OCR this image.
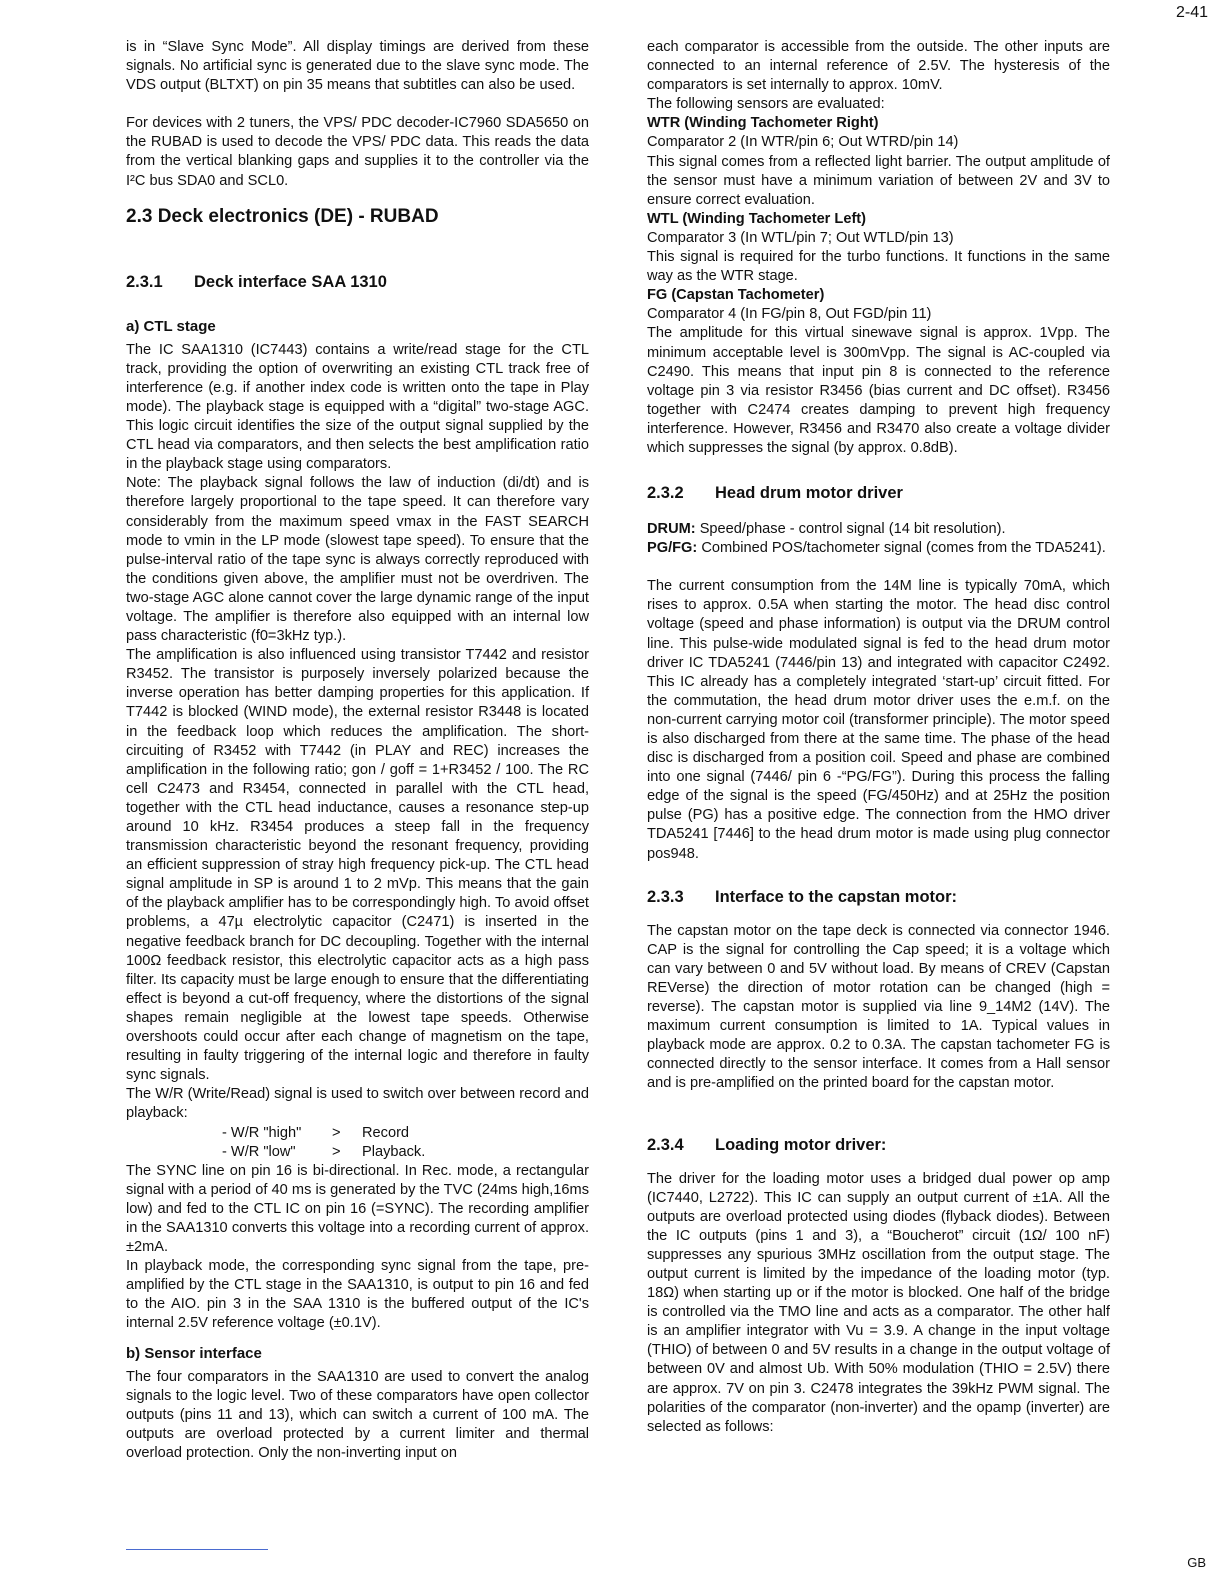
2-41

is in “Slave Sync Mode”. All display timings are derived from these signals. No artificial sync is generated due to the slave sync mode. The VDS output (BLTXT) on pin 35 means that subtitles can also be used.

For devices with 2 tuners, the VPS/ PDC decoder-IC7960 SDA5650 on the RUBAD is used to decode the VPS/ PDC data. This reads the data from the vertical blanking gaps and supplies it to the controller via the I²C bus SDA0 and SCL0.

2.3 Deck electronics (DE) - RUBAD
2.3.1 Deck interface SAA 1310
a) CTL stage

The IC SAA1310 (IC7443) contains a write/read stage for the CTL track, providing the option of overwriting an existing CTL track free of interference (e.g. if another index code is written onto the tape in Play mode). The playback stage is equipped with a “digital” two-stage AGC. This logic circuit identifies the size of the output signal supplied by the CTL head via comparators, and then selects the best amplification ratio in the playback stage using comparators.

Note: The playback signal follows the law of induction (di/dt) and is therefore largely proportional to the tape speed. It can therefore vary considerably from the maximum speed vmax in the FAST SEARCH mode to vmin in the LP mode (slowest tape speed). To ensure that the pulse-interval ratio of the tape sync is always correctly reproduced with the conditions given above, the amplifier must not be overdriven. The two-stage AGC alone cannot cover the large dynamic range of the input voltage. The amplifier is therefore also equipped with an internal low pass characteristic (f0=3kHz typ.).

The amplification is also influenced using transistor T7442 and resistor R3452. The transistor is purposely inversely polarized because the inverse operation has better damping properties for this application. If T7442 is blocked (WIND mode), the external resistor R3448 is located in the feedback loop which reduces the amplification. The short-circuiting of R3452 with T7442 (in PLAY and REC) increases the amplification in the following ratio; gon / goff = 1+R3452 / 100. The RC cell C2473 and R3454, connected in parallel with the CTL head, together with the CTL head inductance, causes a resonance step-up around 10 kHz. R3454 produces a steep fall in the frequency transmission characteristic beyond the resonant frequency, providing an efficient suppression of stray high frequency pick-up. The CTL head signal amplitude in SP is around 1 to 2 mVp. This means that the gain of the playback amplifier has to be correspondingly high. To avoid offset problems, a 47µ electrolytic capacitor (C2471) is inserted in the negative feedback branch for DC decoupling. Together with the internal 100Ω feedback resistor, this electrolytic capacitor acts as a high pass filter. Its capacity must be large enough to ensure that the differentiating effect is beyond a cut-off frequency, where the distortions of the signal shapes remain negligible at the lowest tape speeds. Otherwise overshoots could occur after each change of magnetism on the tape, resulting in faulty triggering of the internal logic and therefore in faulty sync signals.

The W/R (Write/Read) signal is used to switch over between record and playback:

- W/R "high" > Record
- W/R "low" > Playback.

The SYNC line on pin 16 is bi-directional. In Rec. mode, a rectangular signal with a period of 40 ms is generated by the TVC (24ms high,16ms low) and fed to the CTL IC on pin 16 (=SYNC). The recording amplifier in the SAA1310 converts this voltage into a recording current of approx. ±2mA.

In playback mode, the corresponding sync signal from the tape, pre-amplified by the CTL stage in the SAA1310, is output to pin 16 and fed to the AIO. pin 3 in the SAA 1310 is the buffered output of the IC's internal 2.5V reference voltage (±0.1V).

b) Sensor interface

The four comparators in the SAA1310 are used to convert the analog signals to the logic level. Two of these comparators have open collector outputs (pins 11 and 13), which can switch a current of 100 mA. The outputs are overload protected by a current limiter and thermal overload protection. Only the non-inverting input on

each comparator is accessible from the outside. The other inputs are connected to an internal reference of 2.5V. The hysteresis of the comparators is set internally to approx. 10mV.

The following sensors are evaluated:

WTR (Winding Tachometer Right)

Comparator 2 (In WTR/pin 6; Out WTRD/pin 14)

This signal comes from a reflected light barrier. The output amplitude of the sensor must have a minimum variation of between 2V and 3V to ensure correct evaluation.

WTL (Winding Tachometer Left)

Comparator 3 (In WTL/pin 7; Out WTLD/pin 13)

This signal is required for the turbo functions. It functions in the same way as the WTR stage.

FG (Capstan Tachometer)

Comparator 4 (In FG/pin 8, Out FGD/pin 11)

The amplitude for this virtual sinewave signal is approx. 1Vpp. The minimum acceptable level is 300mVpp. The signal is AC-coupled via C2490. This means that input pin 8 is connected to the reference voltage pin 3 via resistor R3456 (bias current and DC offset). R3456 together with C2474 creates damping to prevent high frequency interference. However, R3456 and R3470 also create a voltage divider which suppresses the signal (by approx. 0.8dB).

2.3.2 Head drum motor driver

DRUM: Speed/phase - control signal (14 bit resolution).

PG/FG: Combined POS/tachometer signal (comes from the TDA5241).

The current consumption from the 14M line is typically 70mA, which rises to approx. 0.5A when starting the motor. The head disc control voltage (speed and phase information) is output via the DRUM control line. This pulse-wide modulated signal is fed to the head drum motor driver IC TDA5241 (7446/pin 13) and integrated with capacitor C2492. This IC already has a completely integrated ‘start-up’ circuit fitted. For the commutation, the head drum motor driver uses the e.m.f. on the non-current carrying motor coil (transformer principle). The motor speed is also discharged from there at the same time. The phase of the head disc is discharged from a position coil. Speed and phase are combined into one signal (7446/ pin 6 -“PG/FG”). During this process the falling edge of the signal is the speed (FG/450Hz) and at 25Hz the position pulse (PG) has a positive edge. The connection from the HMO driver TDA5241 [7446] to the head drum motor is made using plug connector pos948.

2.3.3 Interface to the capstan motor:

The capstan motor on the tape deck is connected via connector 1946. CAP is the signal for controlling the Cap speed; it is a voltage which can vary between 0 and 5V without load. By means of CREV (Capstan REVerse) the direction of motor rotation can be changed (high = reverse). The capstan motor is supplied via line 9_14M2 (14V). The maximum current consumption is limited to 1A. Typical values in playback mode are approx. 0.2 to 0.3A. The capstan tachometer FG is connected directly to the sensor interface. It comes from a Hall sensor and is pre-amplified on the printed board for the capstan motor.

2.3.4 Loading motor driver:

The driver for the loading motor uses a bridged dual power op amp (IC7440, L2722). This IC can supply an output current of ±1A. All the outputs are overload protected using diodes (flyback diodes). Between the IC outputs (pins 1 and 3), a “Boucherot” circuit (1Ω/ 100 nF) suppresses any spurious 3MHz oscillation from the output stage. The output current is limited by the impedance of the loading motor (typ. 18Ω) when starting up or if the motor is blocked. One half of the bridge is controlled via the TMO line and acts as a comparator. The other half is an amplifier integrator with Vu = 3.9. A change in the input voltage (THIO) of between 0 and 5V results in a change in the output voltage of between 0V and almost Ub. With 50% modulation (THIO = 2.5V) there are approx. 7V on pin 3. C2478 integrates the 39kHz PWM signal. The polarities of the comparator (non-inverter) and the opamp (inverter) are selected as follows:

GB
